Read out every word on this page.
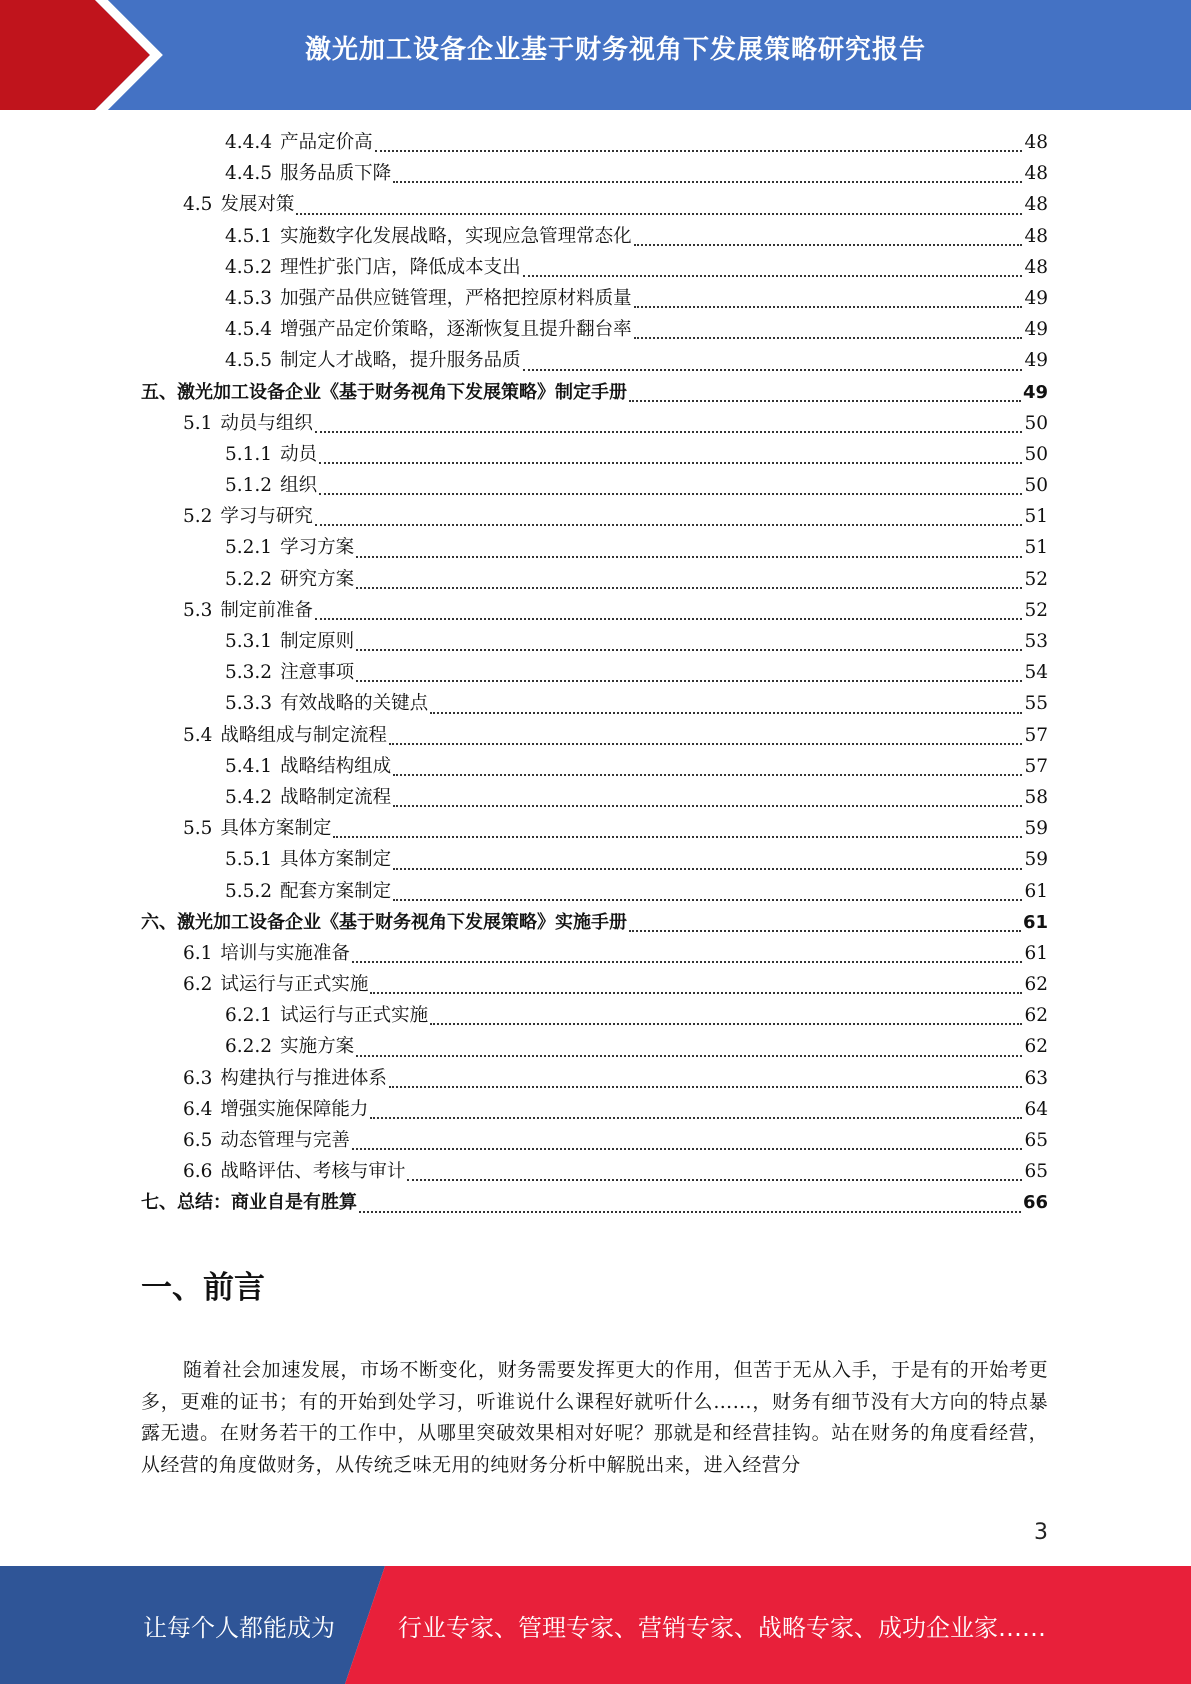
激光加工设备企业基于财务视角下发展策略研究报告
4.4.4 产品定价高	48
4.4.5 服务品质下降	48
4.5 发展对策	48
4.5.1 实施数字化发展战略，实现应急管理常态化	48
4.5.2 理性扩张门店，降低成本支出	48
4.5.3 加强产品供应链管理，严格把控原材料质量	49
4.5.4 增强产品定价策略，逐渐恢复且提升翻台率	49
4.5.5 制定人才战略，提升服务品质	49
五、激光加工设备企业《基于财务视角下发展策略》制定手册	49
5.1 动员与组织	50
5.1.1 动员	50
5.1.2 组织	50
5.2 学习与研究	51
5.2.1 学习方案	51
5.2.2 研究方案	52
5.3 制定前准备	52
5.3.1 制定原则	53
5.3.2 注意事项	54
5.3.3 有效战略的关键点	55
5.4 战略组成与制定流程	57
5.4.1 战略结构组成	57
5.4.2 战略制定流程	58
5.5 具体方案制定	59
5.5.1 具体方案制定	59
5.5.2 配套方案制定	61
六、激光加工设备企业《基于财务视角下发展策略》实施手册	61
6.1 培训与实施准备	61
6.2 试运行与正式实施	62
6.2.1 试运行与正式实施	62
6.2.2 实施方案	62
6.3 构建执行与推进体系	63
6.4 增强实施保障能力	64
6.5 动态管理与完善	65
6.6 战略评估、考核与审计	65
七、总结：商业自是有胜算	66
一、前言
随着社会加速发展，市场不断变化，财务需要发挥更大的作用，但苦于无从入手，于是有的开始考更多，更难的证书；有的开始到处学习，听谁说什么课程好就听什么……，财务有细节没有大方向的特点暴露无遗。在财务若干的工作中，从哪里突破效果相对好呢？那就是和经营挂钩。站在财务的角度看经营，从经营的角度做财务，从传统乏味无用的纯财务分析中解脱出来，进入经营分
3
让每个人都能成为	行业专家、管理专家、营销专家、战略专家、成功企业家……
